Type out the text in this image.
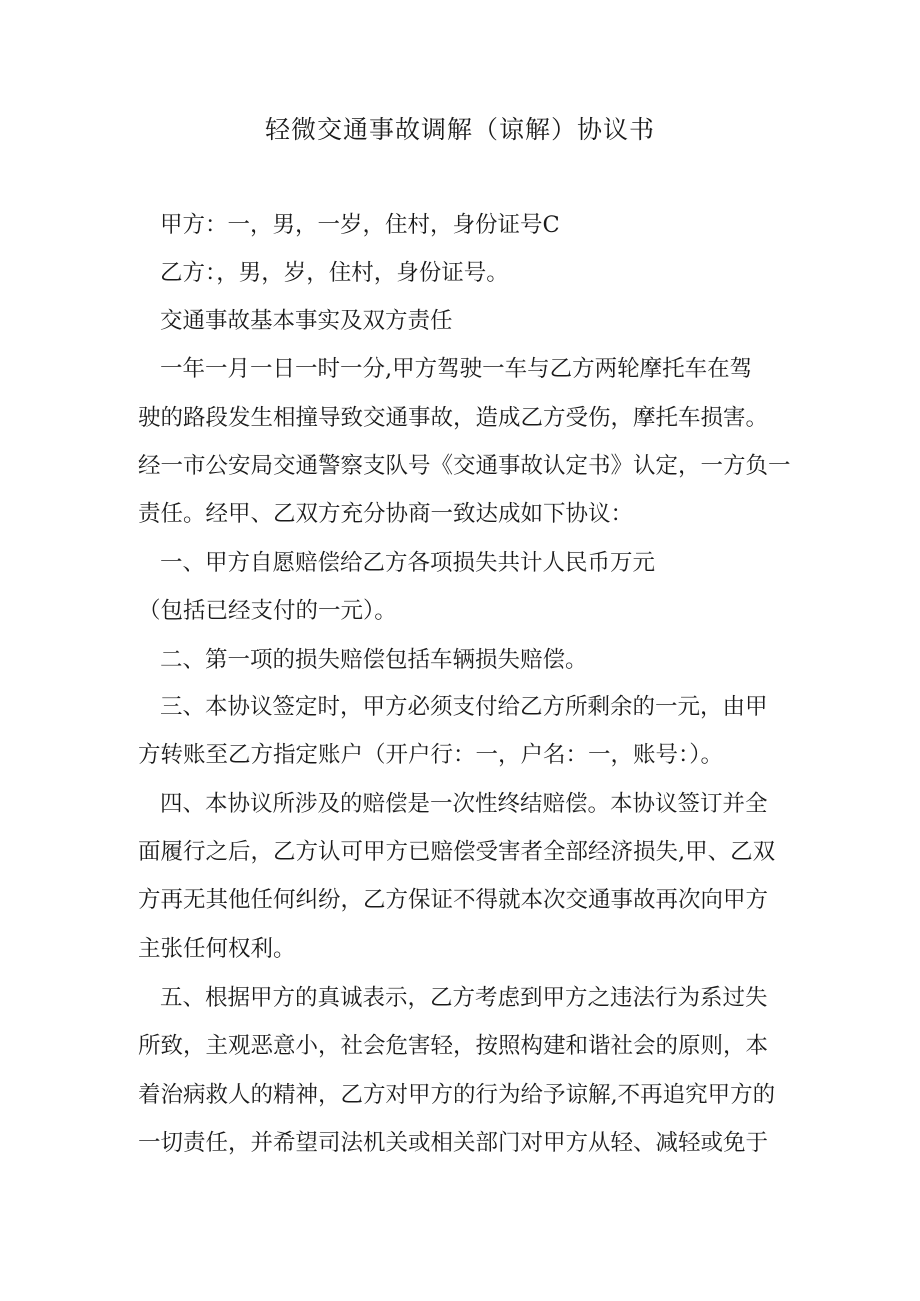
轻微交通事故调解（谅解）协议书
甲方：一，男，一岁，住村，身份证号C
乙方：，男，岁，住村，身份证号。
交通事故基本事实及双方责任
一年一月一日一时一分,甲方驾驶一车与乙方两轮摩托车在驾
驶的路段发生相撞导致交通事故，造成乙方受伤，摩托车损害。
经一市公安局交通警察支队号《交通事故认定书》认定，一方负一
责任。经甲、乙双方充分协商一致达成如下协议：
一、甲方自愿赔偿给乙方各项损失共计人民币万元
（包括已经支付的一元）。
二、第一项的损失赔偿包括车辆损失赔偿。
三、本协议签定时，甲方必须支付给乙方所剩余的一元，由甲
方转账至乙方指定账户（开户行：一，户名：一，账号：）。
四、本协议所涉及的赔偿是一次性终结赔偿。本协议签订并全
面履行之后，乙方认可甲方已赔偿受害者全部经济损失,甲、乙双
方再无其他任何纠纷，乙方保证不得就本次交通事故再次向甲方
主张任何权利。
五、根据甲方的真诚表示，乙方考虑到甲方之违法行为系过失
所致，主观恶意小，社会危害轻，按照构建和谐社会的原则，本
着治病救人的精神，乙方对甲方的行为给予谅解,不再追究甲方的
一切责任，并希望司法机关或相关部门对甲方从轻、减轻或免于
